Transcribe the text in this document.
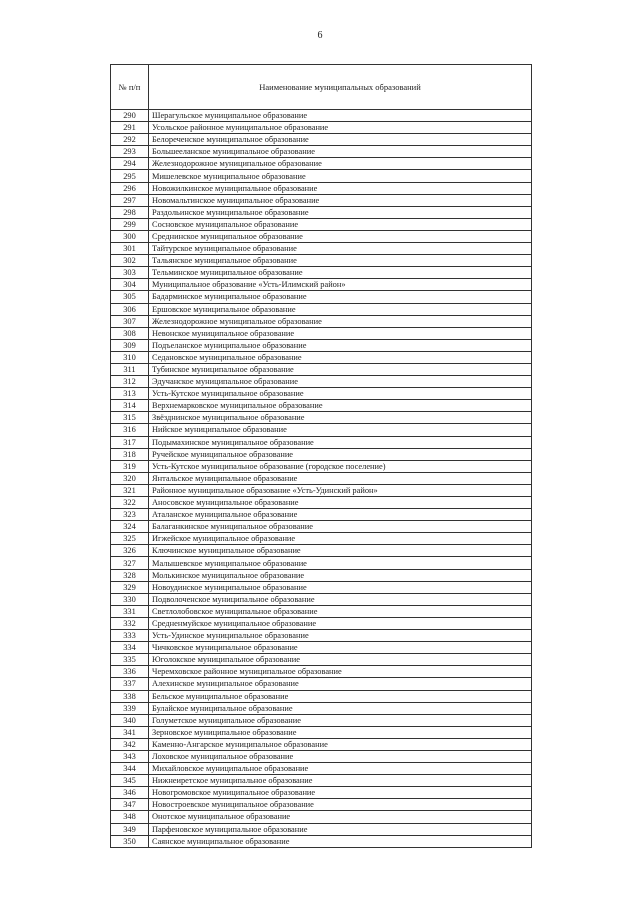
6
№ п/п	Наименование муниципальных образований
290	Шерагульское муниципальное образование
291	Усольское районное муниципальное образование
292	Белореченское муниципальное образование
293	Большееланское муниципальное образование
294	Железнодорожное муниципальное образование
295	Мишелевское муниципальное образование
296	Новожилкинское муниципальное образование
297	Новомальтинское муниципальное образование
298	Раздольинское муниципальное образование
299	Сосновское муниципальное образование
300	Среднинское муниципальное образование
301	Тайтурское муниципальное образование
302	Тальянское муниципальное образование
303	Тельминское муниципальное образование
304	Муниципальное образование «Усть-Илимский район»
305	Бадарминское муниципальное образование
306	Ершовское муниципальное образование
307	Железнодорожное муниципальное образование
308	Невонское муниципальное образование
309	Подъеланское муниципальное образование
310	Седановское муниципальное образование
311	Тубинское муниципальное образование
312	Эдучанское муниципальное образование
313	Усть-Кутское муниципальное образование
314	Верхнемарковское муниципальное образование
315	Звёзднинское муниципальное образование
316	Нийское муниципальное образование
317	Подымахинское муниципальное образование
318	Ручейское муниципальное образование
319	Усть-Кутское муниципальное образование (городское поселение)
320	Янтальское муниципальное образование
321	Районное муниципальное образование «Усть-Удинский район»
322	Аносовское муниципальное образование
323	Аталанское муниципальное образование
324	Балаганкинское муниципальное образование
325	Игжейское муниципальное образование
326	Ключинское муниципальное образование
327	Малышевское муниципальное образование
328	Молькинское муниципальное образование
329	Новоудинское муниципальное образование
330	Подволоченское муниципальное образование
331	Светлолобовское муниципальное образование
332	Средненмуйское муниципальное образование
333	Усть-Удинское муниципальное образование
334	Чичковское муниципальное образование
335	Юголокское муниципальное образование
336	Черемховское районное муниципальное образование
337	Алехинское муниципальное образование
338	Бельское муниципальное образование
339	Булайское муниципальное образование
340	Голуметское муниципальное образование
341	Зерновское муниципальное образование
342	Каменно-Ангарское муниципальное образование
343	Лоховское муниципальное образование
344	Михайловское муниципальное образование
345	Нижнеиретское муниципальное образование
346	Новогромовское муниципальное образование
347	Новостроевское муниципальное образование
348	Онотское муниципальное образование
349	Парфеновское муниципальное образование
350	Саянское муниципальное образование
